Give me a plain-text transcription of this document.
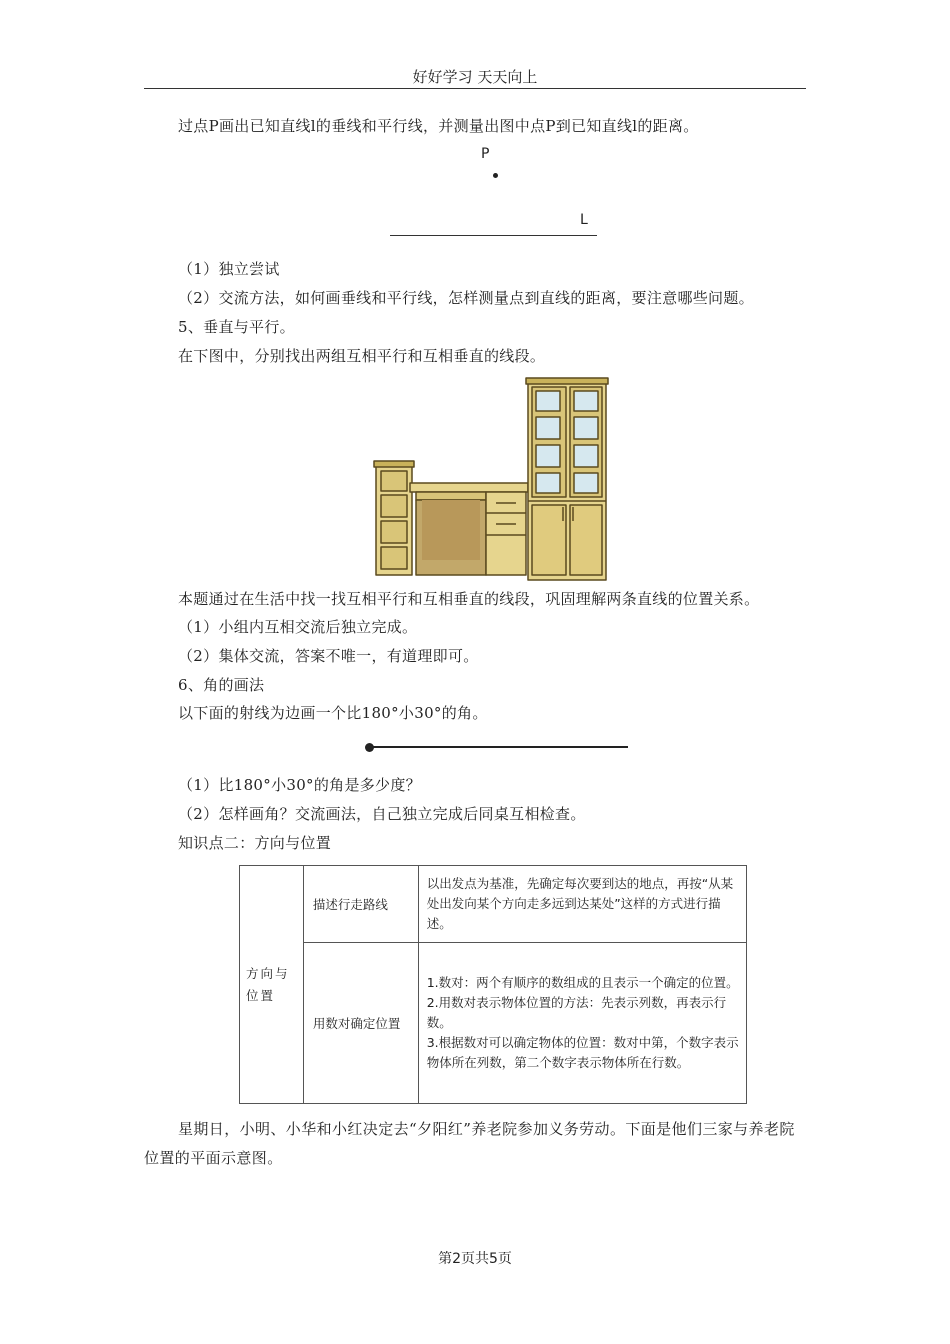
好好学习 天天向上
过点P画出已知直线l的垂线和平行线，并测量出图中点P到已知直线l的距离。
P
L
（1）独立尝试
（2）交流方法，如何画垂线和平行线，怎样测量点到直线的距离，要注意哪些问题。
5、垂直与平行。
在下图中，分别找出两组互相平行和互相垂直的线段。
本题通过在生活中找一找互相平行和互相垂直的线段，巩固理解两条直线的位置关系。
（1）小组内互相交流后独立完成。
（2）集体交流，答案不唯一，有道理即可。
6、角的画法
以下面的射线为边画一个比180°小30°的角。
（1）比180°小30°的角是多少度？
（2）怎样画角？交流画法，自己独立完成后同桌互相检查。
知识点二：方向与位置
方向与位置	描述行走路线	以出发点为基准，先确定每次要到达的地点，再按“从某处出发向某个方向走多远到达某处”这样的方式进行描述。
	用数对确定位置	1.数对：两个有顺序的数组成的且表示一个确定的位置。
2.用数对表示物体位置的方法：先表示列数，再表示行数。
3.根据数对可以确定物体的位置：数对中第，个数字表示物体所在列数，第二个数字表示物体所在行数。
星期日，小明、小华和小红决定去“夕阳红”养老院参加义务劳动。下面是他们三家与养老院位置的平面示意图。
第2页共5页
